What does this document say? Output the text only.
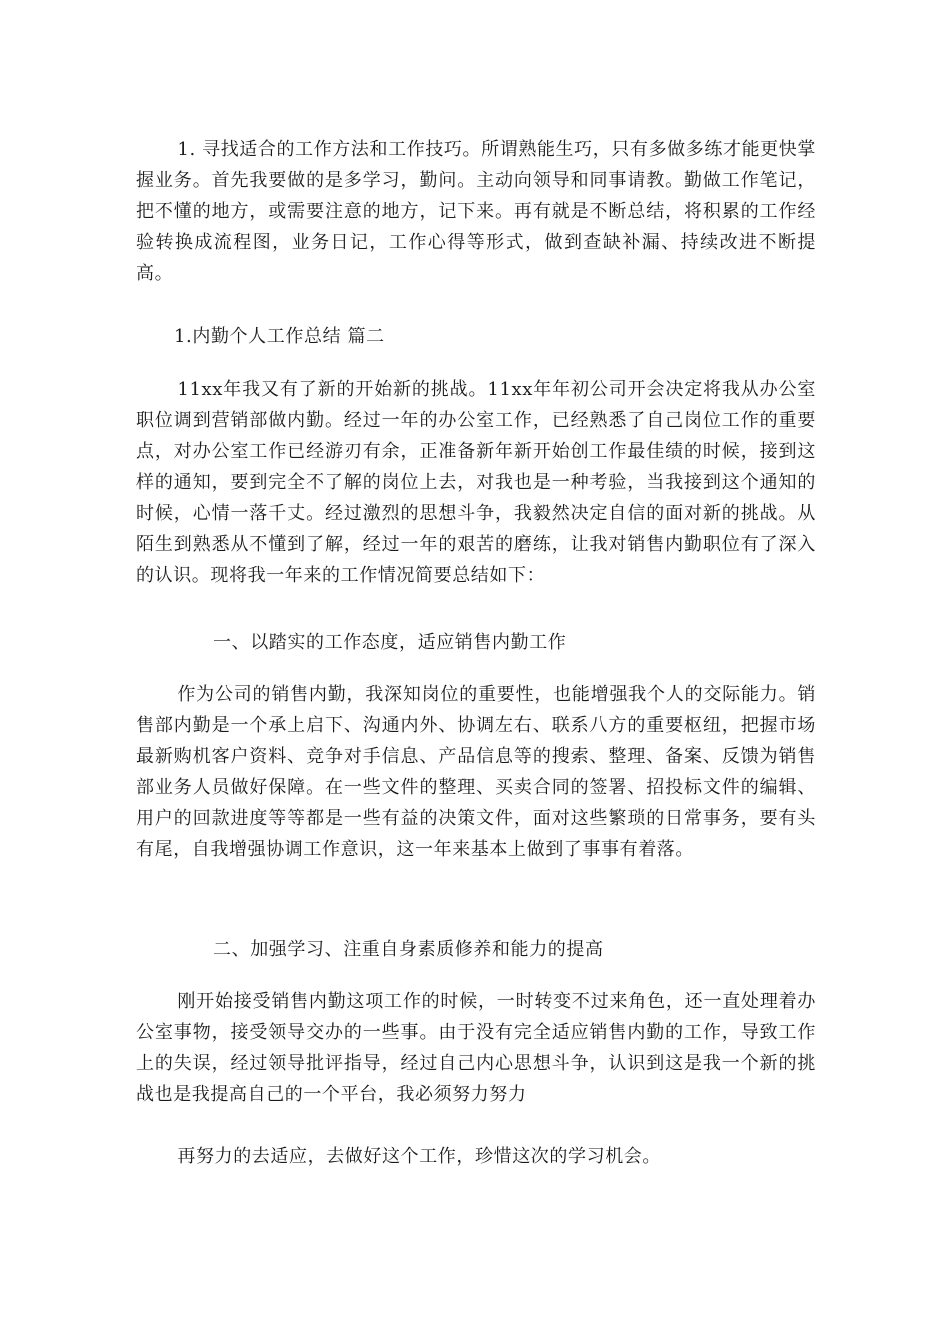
1. 寻找适合的工作方法和工作技巧。所谓熟能生巧，只有多做多练才能更快掌握业务。首先我要做的是多学习，勤问。主动向领导和同事请教。勤做工作笔记，把不懂的地方，或需要注意的地方，记下来。再有就是不断总结，将积累的工作经验转换成流程图，业务日记，工作心得等形式，做到查缺补漏、持续改进不断提高。

1.内勤个人工作总结 篇二

11xx年我又有了新的开始新的挑战。11xx年年初公司开会决定将我从办公室职位调到营销部做内勤。经过一年的办公室工作，已经熟悉了自己岗位工作的重要点，对办公室工作已经游刃有余，正准备新年新开始创工作最佳绩的时候，接到这样的通知，要到完全不了解的岗位上去，对我也是一种考验，当我接到这个通知的时候，心情一落千丈。经过激烈的思想斗争，我毅然决定自信的面对新的挑战。从陌生到熟悉从不懂到了解，经过一年的艰苦的磨练，让我对销售内勤职位有了深入的认识。现将我一年来的工作情况简要总结如下：

一、以踏实的工作态度，适应销售内勤工作

作为公司的销售内勤，我深知岗位的重要性，也能增强我个人的交际能力。销售部内勤是一个承上启下、沟通内外、协调左右、联系八方的重要枢纽，把握市场最新购机客户资料、竞争对手信息、产品信息等的搜索、整理、备案、反馈为销售部业务人员做好保障。在一些文件的整理、买卖合同的签署、招投标文件的编辑、用户的回款进度等等都是一些有益的决策文件，面对这些繁琐的日常事务，要有头有尾，自我增强协调工作意识，这一年来基本上做到了事事有着落。

二、加强学习、注重自身素质修养和能力的提高

刚开始接受销售内勤这项工作的时候，一时转变不过来角色，还一直处理着办公室事物，接受领导交办的一些事。由于没有完全适应销售内勤的工作，导致工作上的失误，经过领导批评指导，经过自己内心思想斗争，认识到这是我一个新的挑战也是我提高自己的一个平台，我必须努力努力

再努力的去适应，去做好这个工作，珍惜这次的学习机会。
